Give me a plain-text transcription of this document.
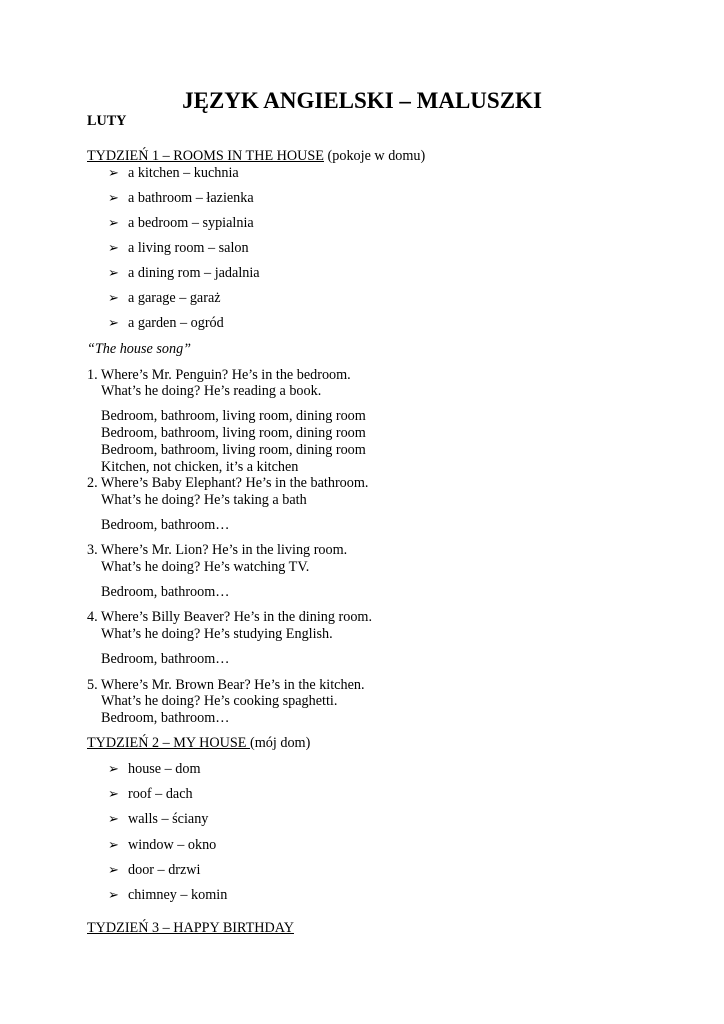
JĘZYK ANGIELSKI – MALUSZKI
LUTY
TYDZIEŃ 1 – ROOMS IN THE HOUSE (pokoje w domu)
➢ a kitchen – kuchnia
➢ a bathroom – łazienka
➢ a bedroom – sypialnia
➢ a living room – salon
➢ a dining rom – jadalnia
➢ a garage – garaż
➢ a garden – ogród
“The house song”
1. Where’s Mr. Penguin? He’s in the bedroom.
What’s he doing? He’s reading a book.
Bedroom, bathroom, living room, dining room
Bedroom, bathroom, living room, dining room
Bedroom, bathroom, living room, dining room
Kitchen, not chicken, it’s a kitchen
2. Where’s Baby Elephant? He’s in the bathroom.
What’s he doing? He’s taking a bath
Bedroom, bathroom…
3. Where’s Mr. Lion? He’s in the living room.
What’s he doing? He’s watching TV.
Bedroom, bathroom…
4. Where’s Billy Beaver? He’s in the dining room.
What’s he doing? He’s studying English.
Bedroom, bathroom…
5. Where’s Mr. Brown Bear? He’s in the kitchen.
What’s he doing? He’s cooking spaghetti.
Bedroom, bathroom…
TYDZIEŃ 2 – MY HOUSE (mój dom)
➢ house – dom
➢ roof – dach
➢ walls – ściany
➢ window – okno
➢ door – drzwi
➢ chimney – komin
TYDZIEŃ 3 – HAPPY BIRTHDAY
